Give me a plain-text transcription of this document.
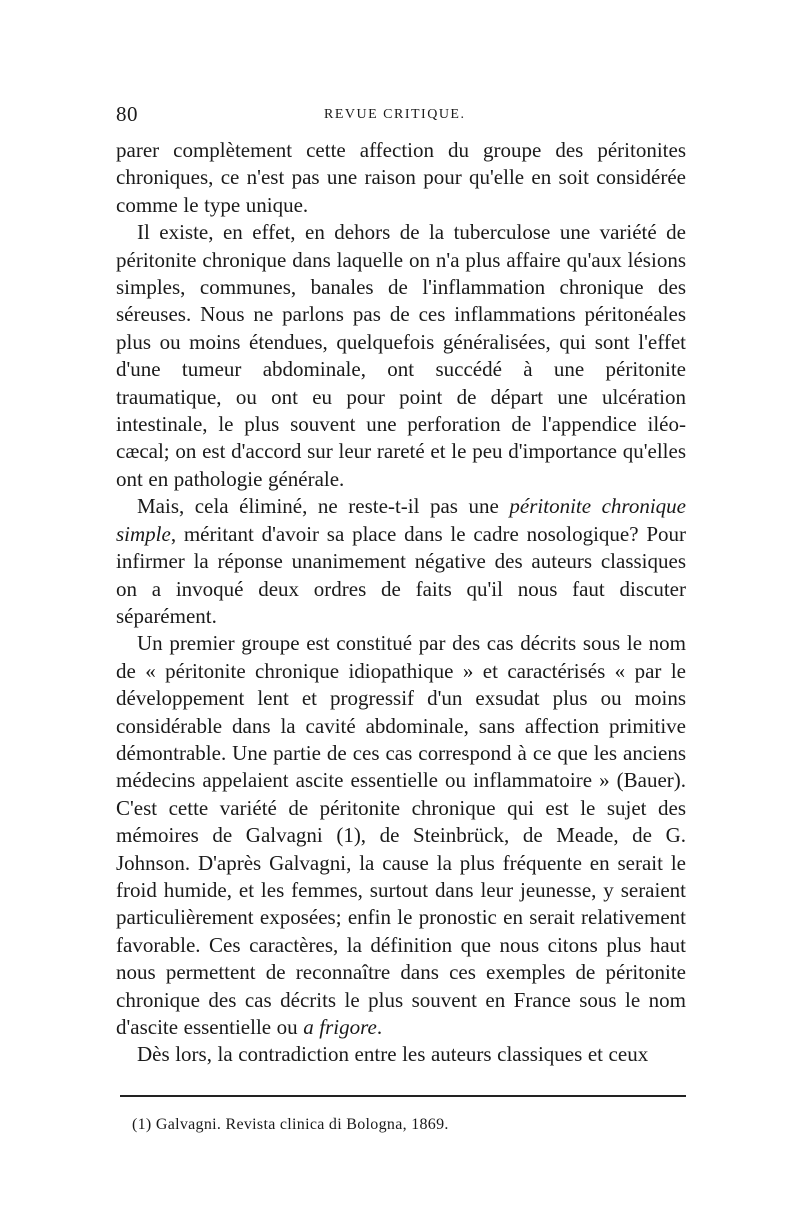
80	REVUE CRITIQUE.

parer complètement cette affection du groupe des péritonites chroniques, ce n'est pas une raison pour qu'elle en soit considérée comme le type unique.

Il existe, en effet, en dehors de la tuberculose une variété de péritonite chronique dans laquelle on n'a plus affaire qu'aux lésions simples, communes, banales de l'inflammation chronique des séreuses. Nous ne parlons pas de ces inflammations péritonéales plus ou moins étendues, quelquefois généralisées, qui sont l'effet d'une tumeur abdominale, ont succédé à une péritonite traumatique, ou ont eu pour point de départ une ulcération intestinale, le plus souvent une perforation de l'appendice iléo-cæcal; on est d'accord sur leur rareté et le peu d'importance qu'elles ont en pathologie générale.

Mais, cela éliminé, ne reste-t-il pas une péritonite chronique simple, méritant d'avoir sa place dans le cadre nosologique? Pour infirmer la réponse unanimement négative des auteurs classiques on a invoqué deux ordres de faits qu'il nous faut discuter séparément.

Un premier groupe est constitué par des cas décrits sous le nom de « péritonite chronique idiopathique » et caractérisés « par le développement lent et progressif d'un exsudat plus ou moins considérable dans la cavité abdominale, sans affection primitive démontrable. Une partie de ces cas correspond à ce que les anciens médecins appelaient ascite essentielle ou inflammatoire » (Bauer). C'est cette variété de péritonite chronique qui est le sujet des mémoires de Galvagni (1), de Steinbrück, de Meade, de G. Johnson. D'après Galvagni, la cause la plus fréquente en serait le froid humide, et les femmes, surtout dans leur jeunesse, y seraient particulièrement exposées; enfin le pronostic en serait relativement favorable. Ces caractères, la définition que nous citons plus haut nous permettent de reconnaître dans ces exemples de péritonite chronique des cas décrits le plus souvent en France sous le nom d'ascite essentielle ou a frigore.

Dès lors, la contradiction entre les auteurs classiques et ceux

(1) Galvagni. Revista clinica di Bologna, 1869.
